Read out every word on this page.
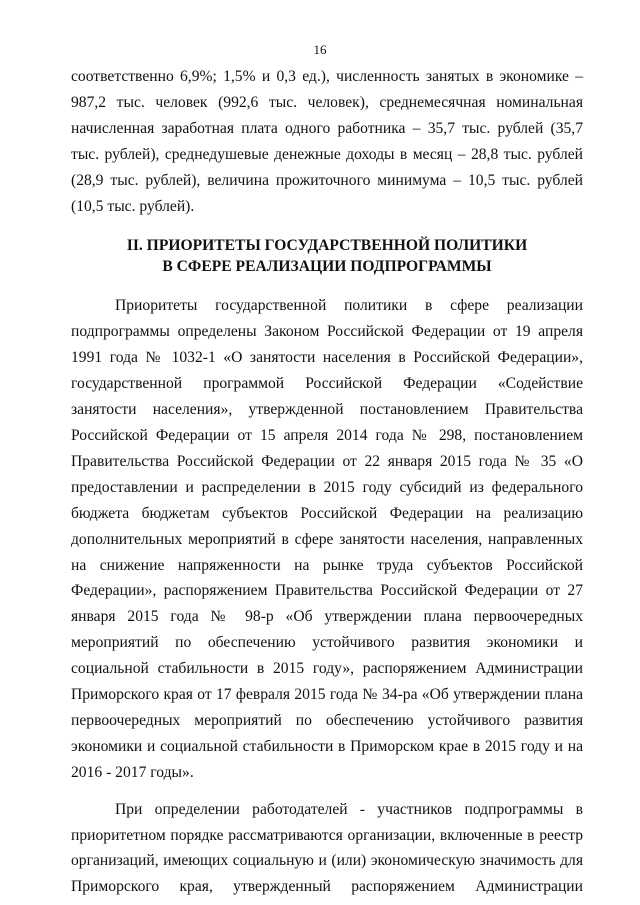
16

соответственно 6,9%; 1,5% и 0,3 ед.), численность занятых в экономике – 987,2 тыс. человек (992,6 тыс. человек), среднемесячная номинальная начисленная заработная плата одного работника – 35,7 тыс. рублей (35,7 тыс. рублей), среднедушевые денежные доходы в месяц – 28,8 тыс. рублей (28,9 тыс. рублей), величина прожиточного минимума – 10,5 тыс. рублей (10,5 тыс. рублей).

II. ПРИОРИТЕТЫ ГОСУДАРСТВЕННОЙ ПОЛИТИКИ
В СФЕРЕ РЕАЛИЗАЦИИ ПОДПРОГРАММЫ

Приоритеты государственной политики в сфере реализации подпрограммы определены Законом Российской Федерации от 19 апреля 1991 года № 1032-1 «О занятости населения в Российской Федерации», государственной программой Российской Федерации «Содействие занятости населения», утвержденной постановлением Правительства Российской Федерации от 15 апреля 2014 года № 298, постановлением Правительства Российской Федерации от 22 января 2015 года № 35 «О предоставлении и распределении в 2015 году субсидий из федерального бюджета бюджетам субъектов Российской Федерации на реализацию дополнительных мероприятий в сфере занятости населения, направленных на снижение напряженности на рынке труда субъектов Российской Федерации», распоряжением Правительства Российской Федерации от 27 января 2015 года № 98-р «Об утверждении плана первоочередных мероприятий по обеспечению устойчивого развития экономики и социальной стабильности в 2015 году», распоряжением Администрации Приморского края от 17 февраля 2015 года № 34-ра «Об утверждении плана первоочередных мероприятий по обеспечению устойчивого развития экономики и социальной стабильности в Приморском крае в 2015 году и на 2016 - 2017 годы».

При определении работодателей - участников подпрограммы в приоритетном порядке рассматриваются организации, включенные в реестр организаций, имеющих социальную и (или) экономическую значимость для Приморского края, утвержденный распоряжением Администрации
